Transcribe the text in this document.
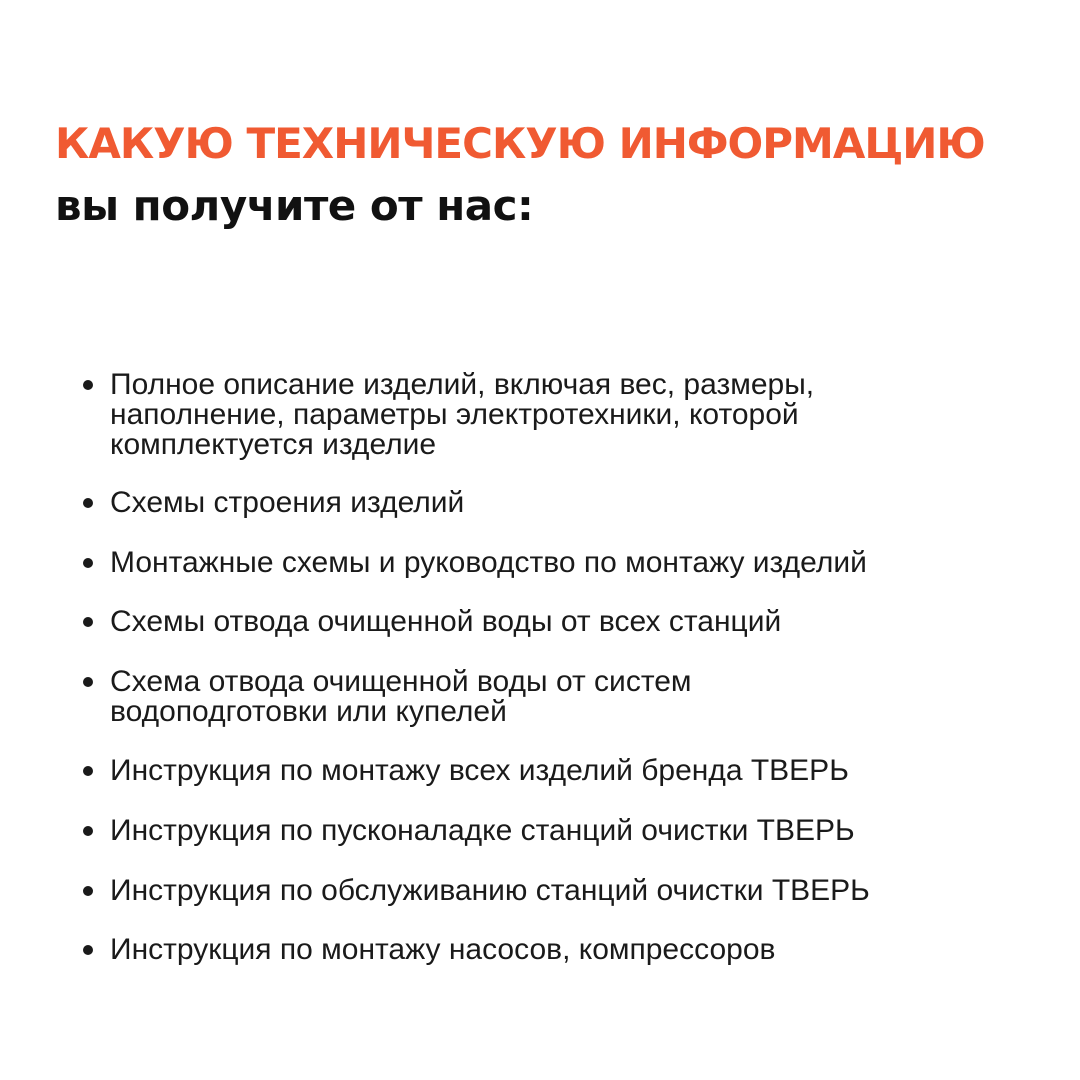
КАКУЮ ТЕХНИЧЕСКУЮ ИНФОРМАЦИЮ
вы получите от нас:
Полное описание изделий, включая вес, размеры,
наполнение, параметры электротехники, которой
комплектуется изделие
Схемы строения изделий
Монтажные схемы и руководство по монтажу изделий
Схемы отвода очищенной воды от всех станций
Схема отвода очищенной воды от систем
водоподготовки или купелей
Инструкция по монтажу всех изделий бренда ТВЕРЬ
Инструкция по пусконаладке станций очистки ТВЕРЬ
Инструкция по обслуживанию станций очистки ТВЕРЬ
Инструкция по монтажу насосов, компрессоров
